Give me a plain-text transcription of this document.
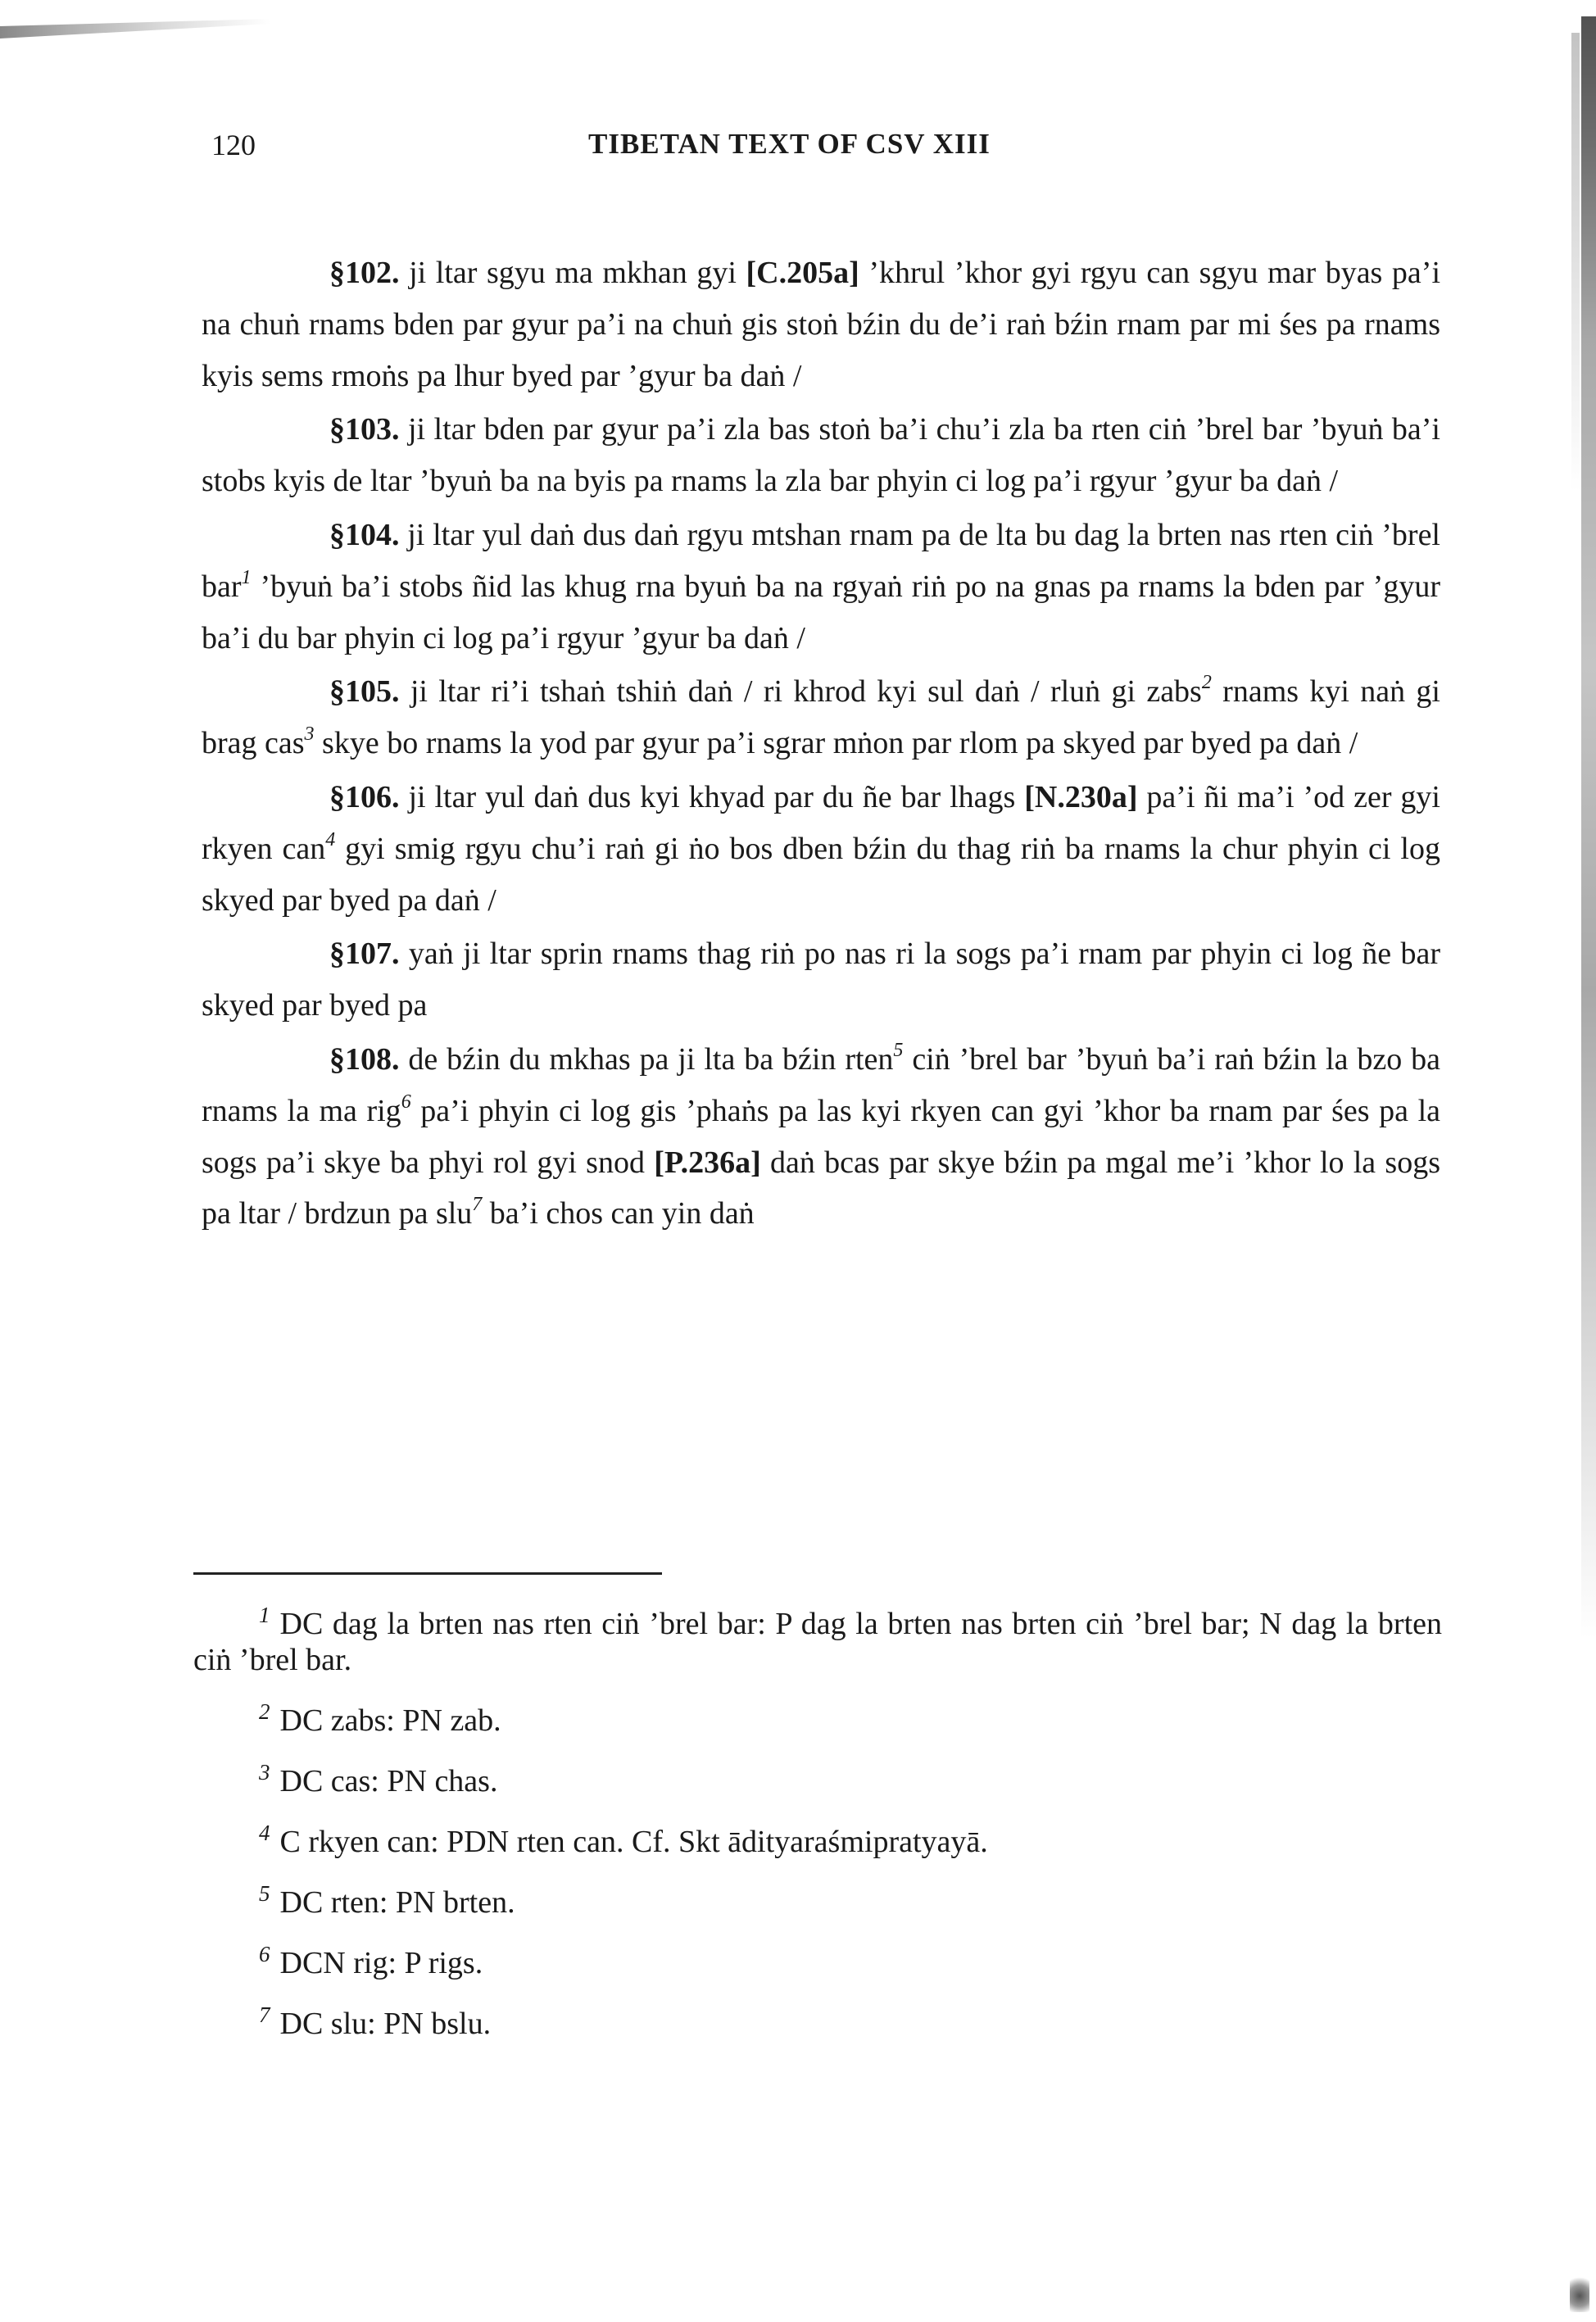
120	TIBETAN TEXT OF CSV XIII

§102. ji ltar sgyu ma mkhan gyi [C.205a] ’khrul ’khor gyi rgyu can sgyu mar byas pa’i na chuṅ rnams bden par gyur pa’i na chuṅ gis stoṅ bźin du de’i raṅ bźin rnam par mi śes pa rnams kyis sems rmoṅs pa lhur byed par ’gyur ba daṅ /

§103. ji ltar bden par gyur pa’i zla bas stoṅ ba’i chu’i zla ba rten ciṅ ’brel bar ’byuṅ ba’i stobs kyis de ltar ’byuṅ ba na byis pa rnams la zla bar phyin ci log pa’i rgyur ’gyur ba daṅ /

§104. ji ltar yul daṅ dus daṅ rgyu mtshan rnam pa de lta bu dag la brten nas rten ciṅ ’brel bar$^1$ ’byuṅ ba’i stobs ñid las khug rna byuṅ ba na rgyaṅ riṅ po na gnas pa rnams la bden par ’gyur ba’i du bar phyin ci log pa’i rgyur ’gyur ba daṅ /

§105. ji ltar ri’i tshaṅ tshiṅ daṅ / ri khrod kyi sul daṅ / rluṅ gi zabs$^2$ rnams kyi naṅ gi brag cas$^3$ skye bo rnams la yod par gyur pa’i sgrar mṅon par rlom pa skyed par byed pa daṅ /

§106. ji ltar yul daṅ dus kyi khyad par du ñe bar lhags [N.230a] pa’i ñi ma’i ’od zer gyi rkyen can$^4$ gyi smig rgyu chu’i raṅ gi ṅo bos dben bźin du thag riṅ ba rnams la chur phyin ci log skyed par byed pa daṅ /

§107. yaṅ ji ltar sprin rnams thag riṅ po nas ri la sogs pa’i rnam par phyin ci log ñe bar skyed par byed pa

§108. de bźin du mkhas pa ji lta ba bźin rten$^5$ ciṅ ’brel bar ’byuṅ ba’i raṅ bźin la bzo ba rnams la ma rig$^6$ pa’i phyin ci log gis ’phaṅs pa las kyi rkyen can gyi ’khor ba rnam par śes pa la sogs pa’i skye ba phyi rol gyi snod [P.236a] daṅ bcas par skye bźin pa mgal me’i ’khor lo la sogs pa ltar / brdzun pa slu$^7$ ba’i chos can yin daṅ

$^1$ DC dag la brten nas rten ciṅ ’brel bar: P dag la brten nas brten ciṅ ’brel bar; N dag la brten ciṅ ’brel bar.

$^2$ DC zabs: PN zab.

$^3$ DC cas: PN chas.

$^4$ C rkyen can: PDN rten can. Cf. Skt ādityaraśmipratyayā.

$^5$ DC rten: PN brten.

$^6$ DCN rig: P rigs.

$^7$ DC slu: PN bslu.
